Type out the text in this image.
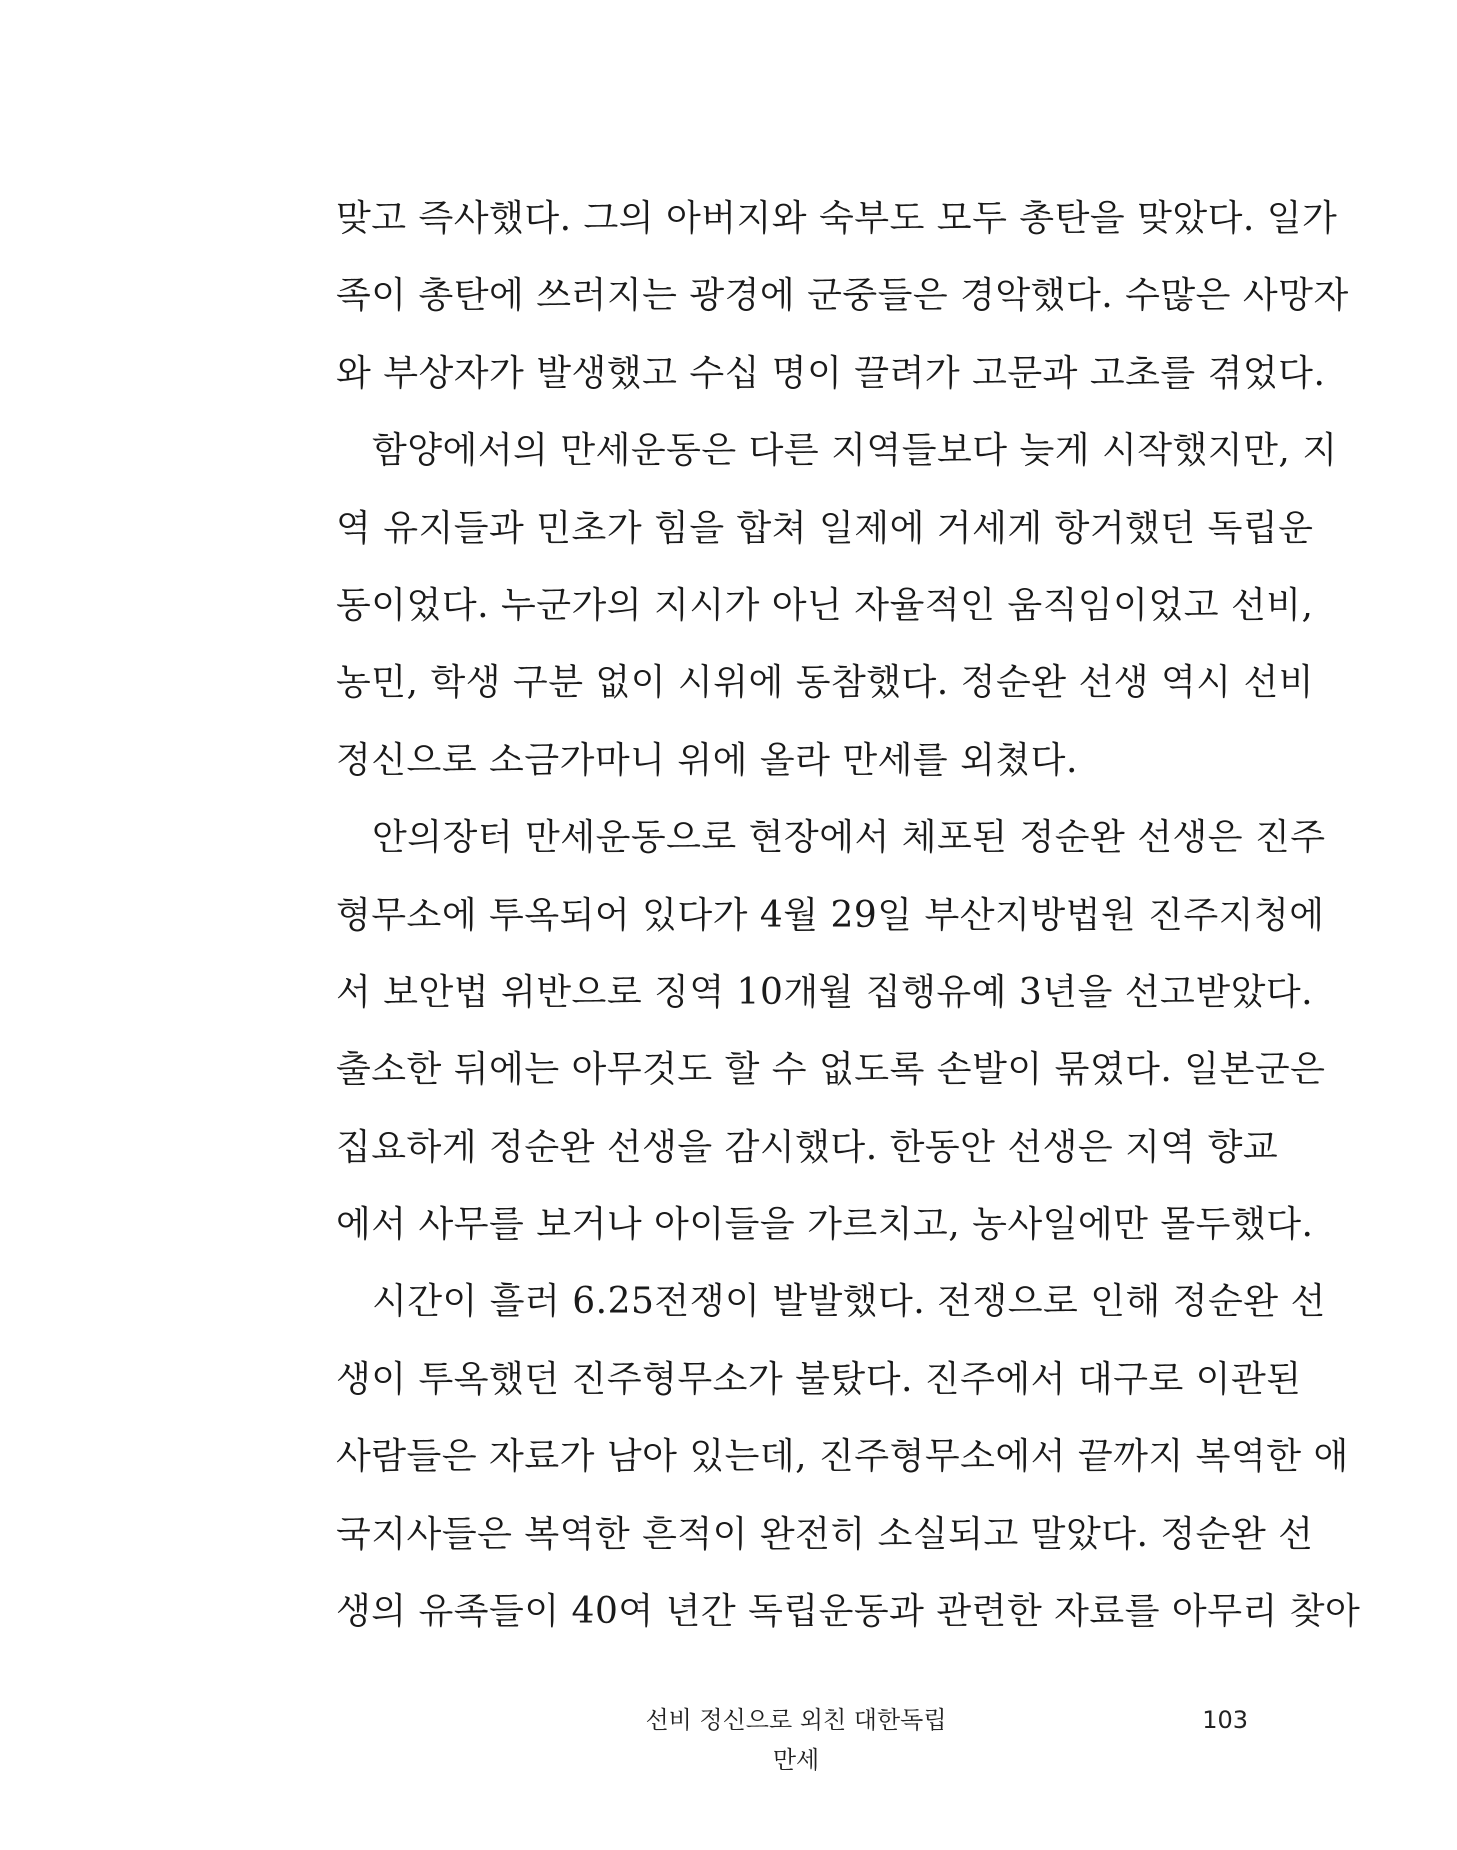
맞고 즉사했다. 그의 아버지와 숙부도 모두 총탄을 맞았다. 일가
족이 총탄에 쓰러지는 광경에 군중들은 경악했다. 수많은 사망자
와 부상자가 발생했고 수십 명이 끌려가 고문과 고초를 겪었다.
함양에서의 만세운동은 다른 지역들보다 늦게 시작했지만, 지
역 유지들과 민초가 힘을 합쳐 일제에 거세게 항거했던 독립운
동이었다. 누군가의 지시가 아닌 자율적인 움직임이었고 선비,
농민, 학생 구분 없이 시위에 동참했다. 정순완 선생 역시 선비
정신으로 소금가마니 위에 올라 만세를 외쳤다.
안의장터 만세운동으로 현장에서 체포된 정순완 선생은 진주
형무소에 투옥되어 있다가 4월 29일 부산지방법원 진주지청에
서 보안법 위반으로 징역 10개월 집행유예 3년을 선고받았다.
출소한 뒤에는 아무것도 할 수 없도록 손발이 묶였다. 일본군은
집요하게 정순완 선생을 감시했다. 한동안 선생은 지역 향교
에서 사무를 보거나 아이들을 가르치고, 농사일에만 몰두했다.
시간이 흘러 6.25전쟁이 발발했다. 전쟁으로 인해 정순완 선
생이 투옥했던 진주형무소가 불탔다. 진주에서 대구로 이관된
사람들은 자료가 남아 있는데, 진주형무소에서 끝까지 복역한 애
국지사들은 복역한 흔적이 완전히 소실되고 말았다. 정순완 선
생의 유족들이 40여 년간 독립운동과 관련한 자료를 아무리 찾아
선비 정신으로 외친 대한독립만세
103
